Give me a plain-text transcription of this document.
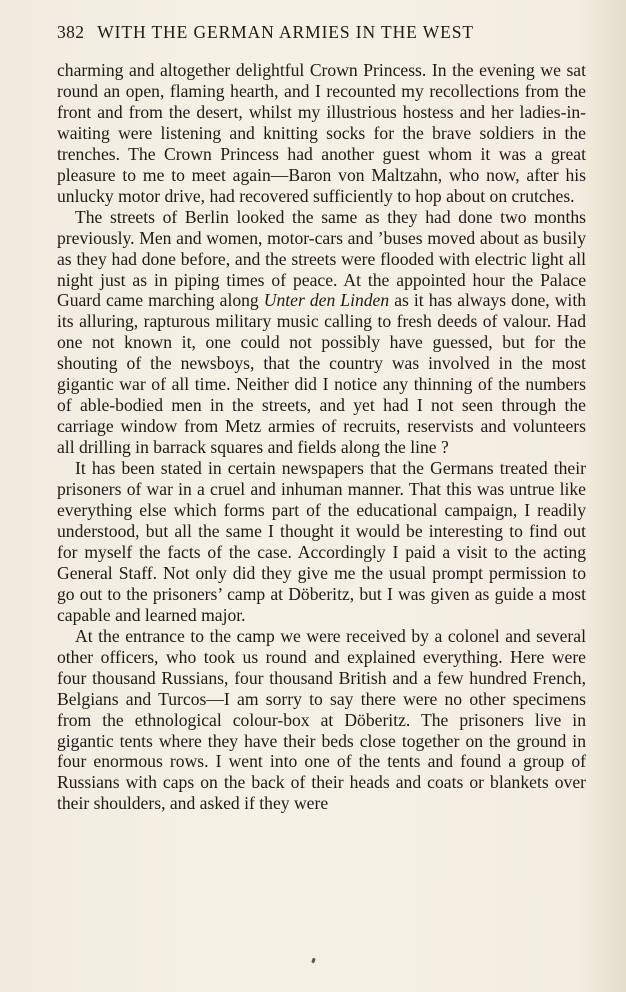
382 WITH THE GERMAN ARMIES IN THE WEST

charming and altogether delightful Crown Princess. In the evening we sat round an open, flaming hearth, and I recounted my recollections from the front and from the desert, whilst my illustrious hostess and her ladies-in-waiting were listening and knitting socks for the brave soldiers in the trenches. The Crown Princess had another guest whom it was a great pleasure to me to meet again—Baron von Maltzahn, who now, after his unlucky motor drive, had recovered sufficiently to hop about on crutches.

The streets of Berlin looked the same as they had done two months previously. Men and women, motor-cars and ’buses moved about as busily as they had done before, and the streets were flooded with electric light all night just as in piping times of peace. At the appointed hour the Palace Guard came marching along Unter den Linden as it has always done, with its alluring, rapturous military music calling to fresh deeds of valour. Had one not known it, one could not possibly have guessed, but for the shouting of the newsboys, that the country was involved in the most gigantic war of all time. Neither did I notice any thinning of the numbers of able-bodied men in the streets, and yet had I not seen through the carriage window from Metz armies of recruits, reservists and volunteers all drilling in barrack squares and fields along the line ?

It has been stated in certain newspapers that the Germans treated their prisoners of war in a cruel and inhuman manner. That this was untrue like everything else which forms part of the educational campaign, I readily understood, but all the same I thought it would be interesting to find out for myself the facts of the case. Accordingly I paid a visit to the acting General Staff. Not only did they give me the usual prompt permission to go out to the prisoners’ camp at Döberitz, but I was given as guide a most capable and learned major.

At the entrance to the camp we were received by a colonel and several other officers, who took us round and explained everything. Here were four thousand Russians, four thousand British and a few hundred French, Belgians and Turcos—I am sorry to say there were no other specimens from the ethnological colour-box at Döberitz. The prisoners live in gigantic tents where they have their beds close together on the ground in four enormous rows. I went into one of the tents and found a group of Russians with caps on the back of their heads and coats or blankets over their shoulders, and asked if they were
